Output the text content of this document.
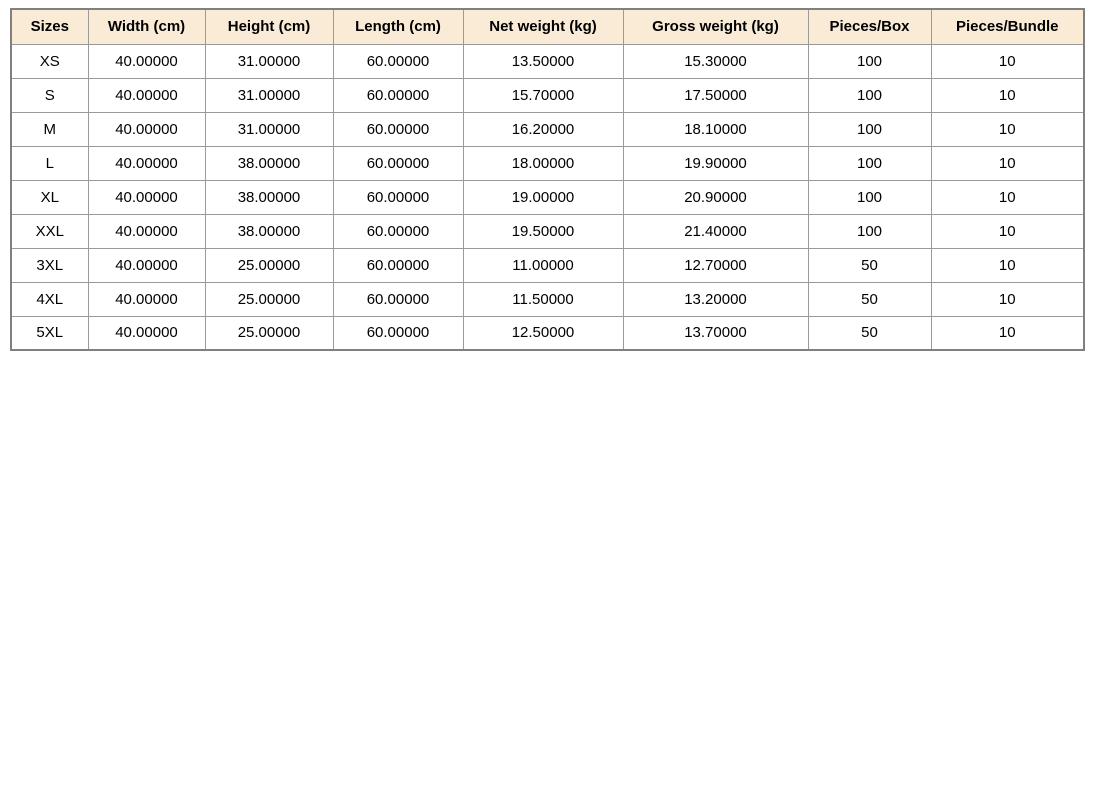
Sizes	Width (cm)	Height (cm)	Length (cm)	Net weight (kg)	Gross weight (kg)	Pieces/Box	Pieces/Bundle
XS	40.00000	31.00000	60.00000	13.50000	15.30000	100	10
S	40.00000	31.00000	60.00000	15.70000	17.50000	100	10
M	40.00000	31.00000	60.00000	16.20000	18.10000	100	10
L	40.00000	38.00000	60.00000	18.00000	19.90000	100	10
XL	40.00000	38.00000	60.00000	19.00000	20.90000	100	10
XXL	40.00000	38.00000	60.00000	19.50000	21.40000	100	10
3XL	40.00000	25.00000	60.00000	11.00000	12.70000	50	10
4XL	40.00000	25.00000	60.00000	11.50000	13.20000	50	10
5XL	40.00000	25.00000	60.00000	12.50000	13.70000	50	10
